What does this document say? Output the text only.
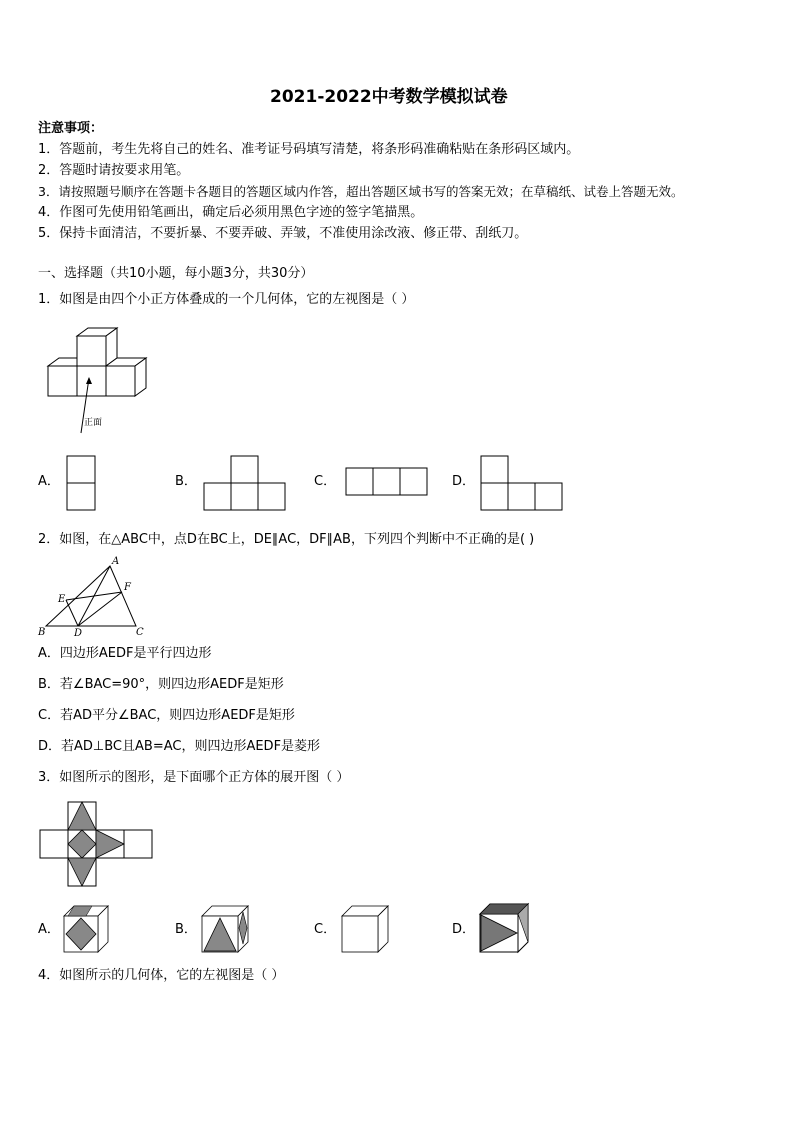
2021-2022中考数学模拟试卷
注意事项：
1．答题前，考生先将自己的姓名、准考证号码填写清楚，将条形码准确粘贴在条形码区域内。
2．答题时请按要求用笔。
3．请按照题号顺序在答题卡各题目的答题区域内作答，超出答题区域书写的答案无效；在草稿纸、试卷上答题无效。
4．作图可先使用铅笔画出，确定后必须用黑色字迹的签字笔描黑。
5．保持卡面清洁，不要折暴、不要弄破、弄皱，不准使用涂改液、修正带、刮纸刀。
一、选择题（共10小题，每小题3分，共30分）
1．如图是由四个小正方体叠成的一个几何体，它的左视图是（ ）
正面
A．	B．	C．	D．
2．如图，在△ABC中，点D在BC上，DE∥AC，DF∥AB，下列四个判断中不正确的是( )
A
E
F
B	D	C
A．四边形AEDF是平行四边形
B．若∠BAC=90°，则四边形AEDF是矩形
C．若AD平分∠BAC，则四边形AEDF是矩形
D．若AD⊥BC且AB=AC，则四边形AEDF是菱形
3．如图所示的图形，是下面哪个正方体的展开图（ ）
A．	B．	C．	D．
4．如图所示的几何体，它的左视图是（ ）
